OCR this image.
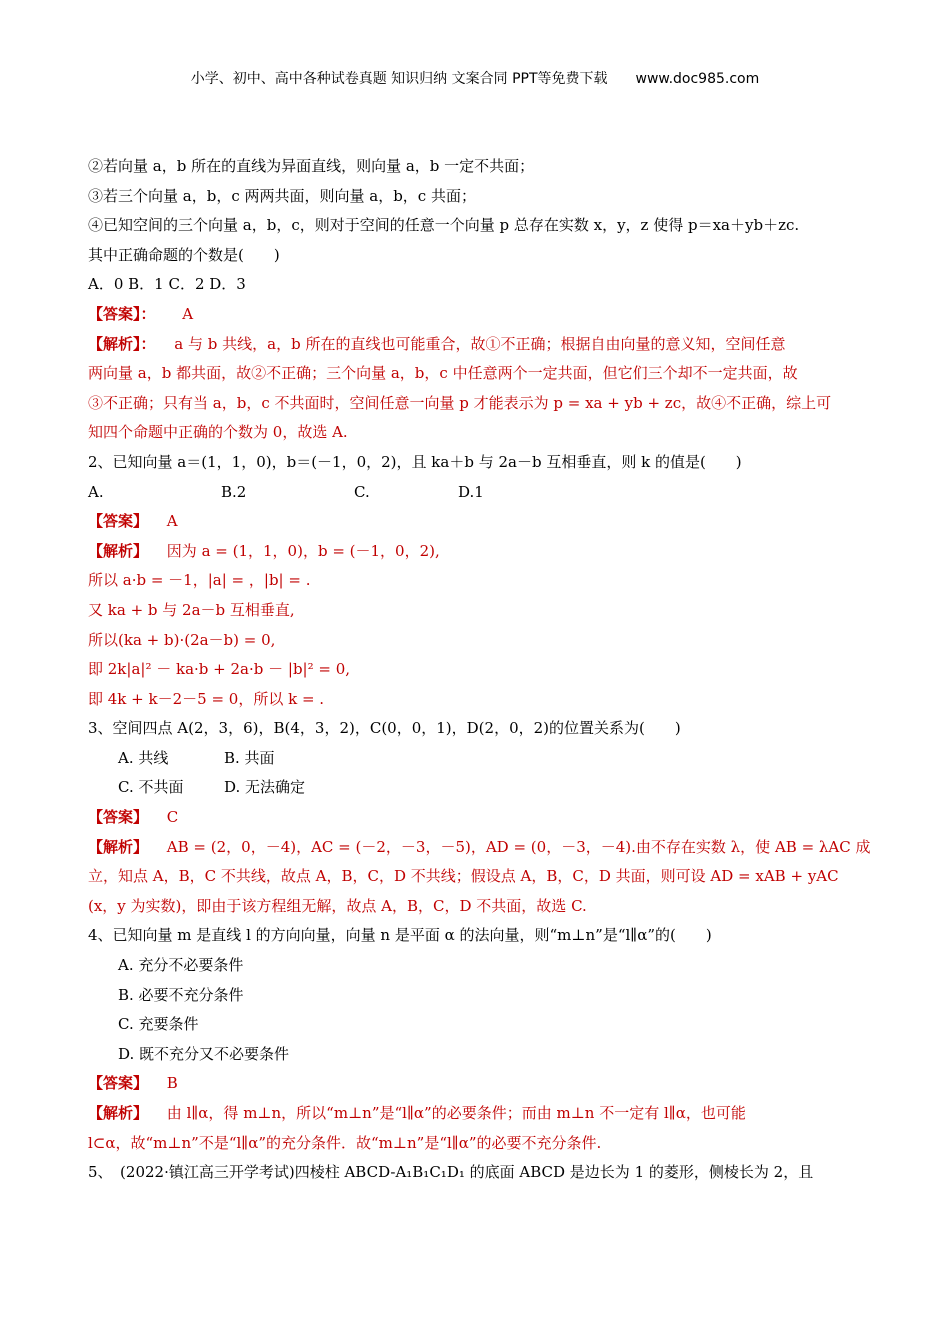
小学、初中、高中各种试卷真题 知识归纳 文案合同 PPT等免费下载 www.doc985.com
②若向量 a，b 所在的直线为异面直线，则向量 a，b 一定不共面；
③若三个向量 a，b，c 两两共面，则向量 a，b，c 共面；
④已知空间的三个向量 a，b，c，则对于空间的任意一个向量 p 总存在实数 x，y，z 使得 p＝xa＋yb＋zc.
其中正确命题的个数是(　　)
A．0 B．1 C．2 D．3
【答案】： A
【解析】： a 与 b 共线，a，b 所在的直线也可能重合，故①不正确；根据自由向量的意义知，空间任意
两向量 a，b 都共面，故②不正确；三个向量 a，b，c 中任意两个一定共面，但它们三个却不一定共面，故
③不正确；只有当 a，b，c 不共面时，空间任意一向量 p 才能表示为 p = xa + yb + zc，故④不正确，综上可
知四个命题中正确的个数为 0，故选 A.
2、已知向量 a＝(1，1，0)，b＝(－1，0，2)，且 ka＋b 与 2a－b 互相垂直，则 k 的值是(　　)
A.	B.2	C.	D.1
【答案】 A
【解析】 因为 a = (1，1，0)，b = (－1，0，2),
所以 a·b = －1，|a| = ，|b| = .
又 ka + b 与 2a－b 互相垂直,
所以(ka + b)·(2a－b) = 0,
即 2k|a|² － ka·b + 2a·b － |b|² = 0,
即 4k + k－2－5 = 0，所以 k = .
3、空间四点 A(2，3，6)，B(4，3，2)，C(0，0，1)，D(2，0，2)的位置关系为(　　)
A. 共线	B. 共面
C. 不共面	D. 无法确定
【答案】 C
【解析】 AB = (2，0，－4)，AC = (－2，－3，－5)，AD = (0，－3，－4).由不存在实数 λ，使 AB = λAC 成
立，知点 A，B，C 不共线，故点 A，B，C，D 不共线；假设点 A，B，C，D 共面，则可设 AD = xAB + yAC
(x，y 为实数)，即由于该方程组无解，故点 A，B，C，D 不共面，故选 C.
4、已知向量 m 是直线 l 的方向向量，向量 n 是平面 α 的法向量，则“m⊥n”是“l∥α”的(　　)
A. 充分不必要条件
B. 必要不充分条件
C. 充要条件
D. 既不充分又不必要条件
【答案】 B
【解析】 由 l∥α，得 m⊥n，所以“m⊥n”是“l∥α”的必要条件；而由 m⊥n 不一定有 l∥α，也可能
l⊂α，故“m⊥n”不是“l∥α”的充分条件．故“m⊥n”是“l∥α”的必要不充分条件.
5、　(2022·镇江高三开学考试)四棱柱 ABCD-A₁B₁C₁D₁ 的底面 ABCD 是边长为 1 的菱形，侧棱长为 2，且
